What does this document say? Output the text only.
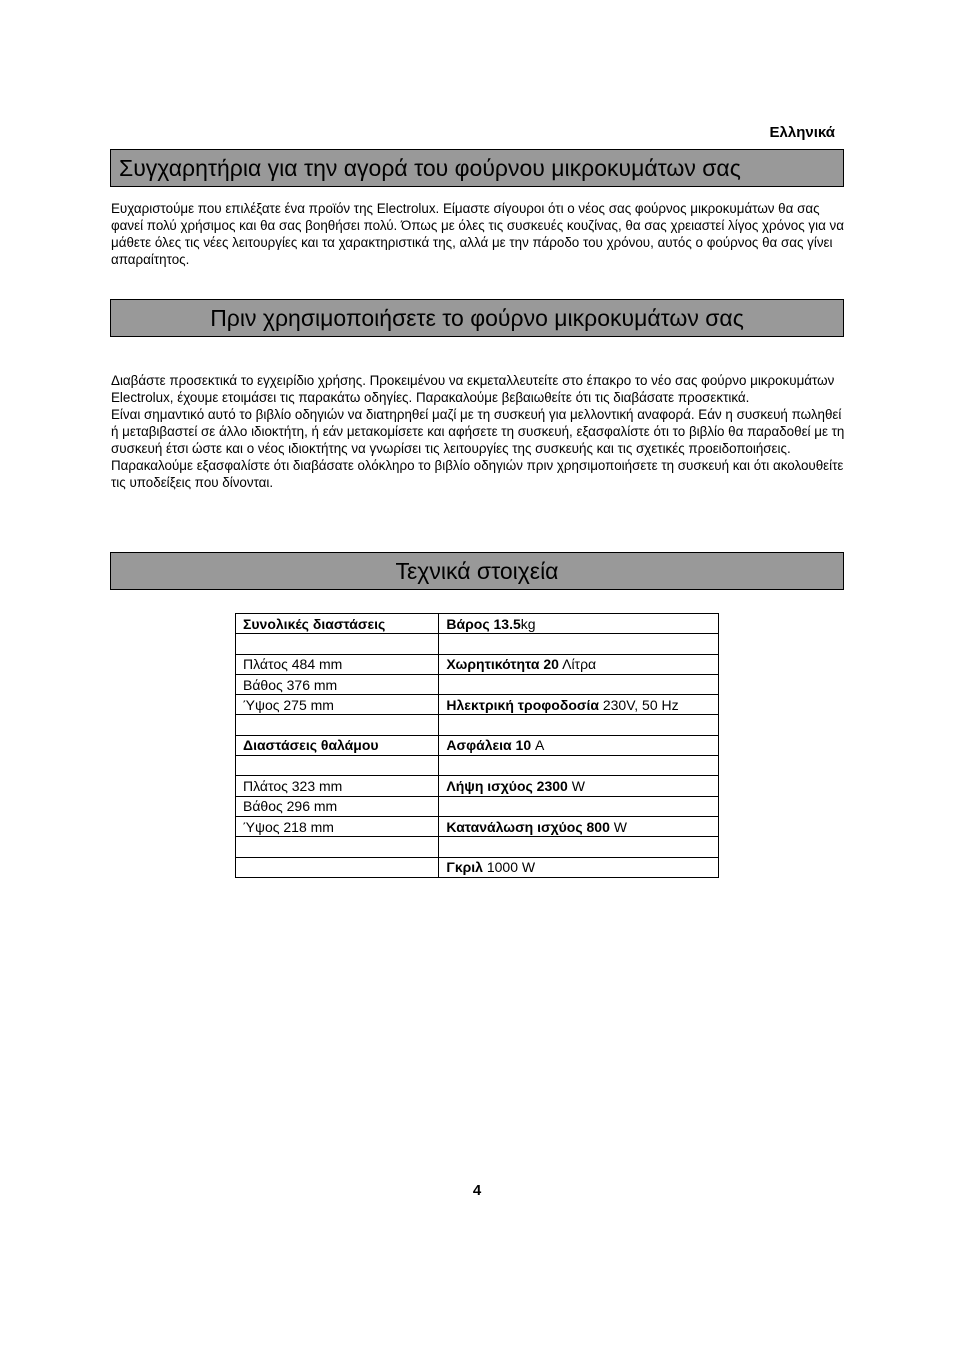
Ελληνικά
Συγχαρητήρια για την αγορά του φούρνου μικροκυμάτων σας

Ευχαριστούμε που επιλέξατε ένα προϊόν της Electrolux. Είμαστε σίγουροι ότι ο νέος σας φούρνος μικροκυμάτων θα σας φανεί πολύ χρήσιμος και θα σας βοηθήσει πολύ. Όπως με όλες τις συσκευές κουζίνας, θα σας χρειαστεί λίγος χρόνος για να μάθετε όλες τις νέες λειτουργίες και τα χαρακτηριστικά της, αλλά με την πάροδο του χρόνου, αυτός ο φούρνος θα σας γίνει απαραίτητος.

Πριν χρησιμοποιήσετε το φούρνο μικροκυμάτων σας

Διαβάστε προσεκτικά το εγχειρίδιο χρήσης. Προκειμένου να εκμεταλλευτείτε στο έπακρο το νέο σας φούρνο μικροκυμάτων Electrolux, έχουμε ετοιμάσει τις παρακάτω οδηγίες. Παρακαλούμε βεβαιωθείτε ότι τις διαβάσατε προσεκτικά.

Είναι σημαντικό αυτό το βιβλίο οδηγιών να διατηρηθεί μαζί με τη συσκευή για μελλοντική αναφορά. Εάν η συσκευή πωληθεί ή μεταβιβαστεί σε άλλο ιδιοκτήτη, ή εάν μετακομίσετε και αφήσετε τη συσκευή, εξασφαλίστε ότι το βιβλίο θα παραδοθεί με τη συσκευή έτσι ώστε και ο νέος ιδιοκτήτης να γνωρίσει τις λειτουργίες της συσκευής και τις σχετικές προειδοποιήσεις.

Παρακαλούμε εξασφαλίστε ότι διαβάσατε ολόκληρο το βιβλίο οδηγιών πριν χρησιμοποιήσετε τη συσκευή και ότι ακολουθείτε τις υποδείξεις που δίνονται.

Τεχνικά στοιχεία
Συνολικές διαστάσεις	Βάρος 13.5kg

Πλάτος 484 mm	Χωρητικότητα 20 Λίτρα
Βάθος 376 mm	
Ύψος 275 mm	Ηλεκτρική τροφοδοσία 230V, 50 Hz

Διαστάσεις θαλάμου	Ασφάλεια 10 A

Πλάτος 323 mm	Λήψη ισχύος 2300 W
Βάθος 296 mm	
Ύψος 218 mm	Κατανάλωση ισχύος 800 W

	Γκριλ 1000 W
4
